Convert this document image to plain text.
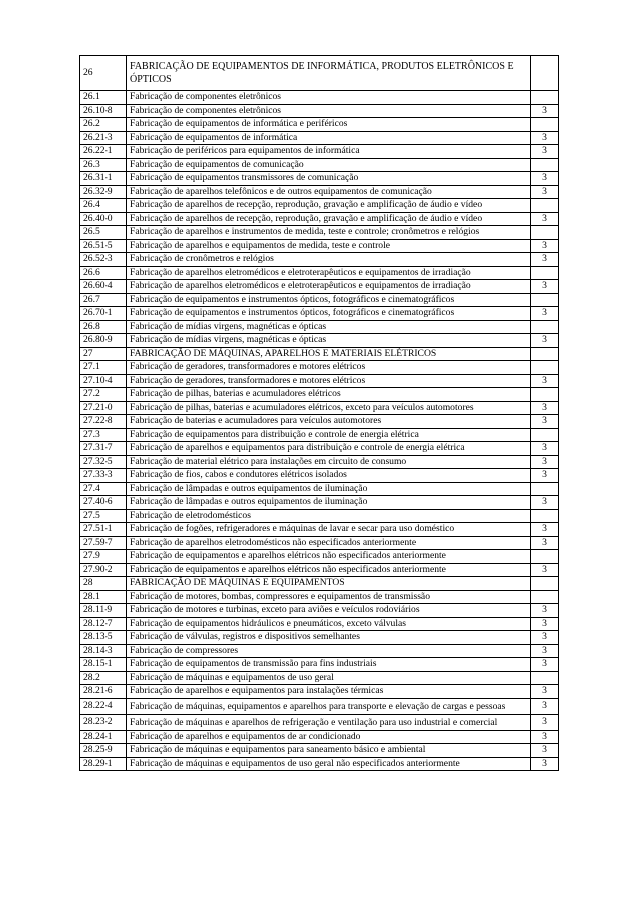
26	FABRICAÇÃO DE EQUIPAMENTOS DE INFORMÁTICA, PRODUTOS ELETRÔNICOS E ÓPTICOS	
26.1	Fabricação de componentes eletrônicos	
26.10-8	Fabricação de componentes eletrônicos	3
26.2	Fabricação de equipamentos de informática e periféricos	
26.21-3	Fabricação de equipamentos de informática	3
26.22-1	Fabricação de periféricos para equipamentos de informática	3
26.3	Fabricação de equipamentos de comunicação	
26.31-1	Fabricação de equipamentos transmissores de comunicação	3
26.32-9	Fabricação de aparelhos telefônicos e de outros equipamentos de comunicação	3
26.4	Fabricação de aparelhos de recepção, reprodução, gravação e amplificação de áudio e vídeo	
26.40-0	Fabricação de aparelhos de recepção, reprodução, gravação e amplificação de áudio e vídeo	3
26.5	Fabricação de aparelhos e instrumentos de medida, teste e controle; cronômetros e relógios	
26.51-5	Fabricação de aparelhos e equipamentos de medida, teste e controle	3
26.52-3	Fabricação de cronômetros e relógios	3
26.6	Fabricação de aparelhos eletromédicos e eletroterapêuticos e equipamentos de irradiação	
26.60-4	Fabricação de aparelhos eletromédicos e eletroterapêuticos e equipamentos de irradiação	3
26.7	Fabricação de equipamentos e instrumentos ópticos, fotográficos e cinematográficos	
26.70-1	Fabricação de equipamentos e instrumentos ópticos, fotográficos e cinematográficos	3
26.8	Fabricação de mídias virgens, magnéticas e ópticas	
26.80-9	Fabricação de mídias virgens, magnéticas e ópticas	3
27	FABRICAÇÃO DE MÁQUINAS, APARELHOS E MATERIAIS ELÉTRICOS	
27.1	Fabricação de geradores, transformadores e motores elétricos	
27.10-4	Fabricação de geradores, transformadores e motores elétricos	3
27.2	Fabricação de pilhas, baterias e acumuladores elétricos	
27.21-0	Fabricação de pilhas, baterias e acumuladores elétricos, exceto para veículos automotores	3
27.22-8	Fabricação de baterias e acumuladores para veículos automotores	3
27.3	Fabricação de equipamentos para distribuição e controle de energia elétrica	
27.31-7	Fabricação de aparelhos e equipamentos para distribuição e controle de energia elétrica	3
27.32-5	Fabricação de material elétrico para instalações em circuito de consumo	3
27.33-3	Fabricação de fios, cabos e condutores elétricos isolados	3
27.4	Fabricação de lâmpadas e outros equipamentos de iluminação	
27.40-6	Fabricação de lâmpadas e outros equipamentos de iluminação	3
27.5	Fabricação de eletrodomésticos	
27.51-1	Fabricação de fogões, refrigeradores e máquinas de lavar e secar para uso doméstico	3
27.59-7	Fabricação de aparelhos eletrodomésticos não especificados anteriormente	3
27.9	Fabricação de equipamentos e aparelhos elétricos não especificados anteriormente	
27.90-2	Fabricação de equipamentos e aparelhos elétricos não especificados anteriormente	3
28	FABRICAÇÃO DE MÁQUINAS E EQUIPAMENTOS	
28.1	Fabricação de motores, bombas, compressores e equipamentos de transmissão	
28.11-9	Fabricação de motores e turbinas, exceto para aviões e veículos rodoviários	3
28.12-7	Fabricação de equipamentos hidráulicos e pneumáticos, exceto válvulas	3
28.13-5	Fabricação de válvulas, registros e dispositivos semelhantes	3
28.14-3	Fabricação de compressores	3
28.15-1	Fabricação de equipamentos de transmissão para fins industriais	3
28.2	Fabricação de máquinas e equipamentos de uso geral	
28.21-6	Fabricação de aparelhos e equipamentos para instalações térmicas	3
28.22-4	Fabricação de máquinas, equipamentos e aparelhos para transporte e elevação de cargas e pessoas	3
28.23-2	Fabricação de máquinas e aparelhos de refrigeração e ventilação para uso industrial e comercial	3
28.24-1	Fabricação de aparelhos e equipamentos de ar condicionado	3
28.25-9	Fabricação de máquinas e equipamentos para saneamento básico e ambiental	3
28.29-1	Fabricação de máquinas e equipamentos de uso geral não especificados anteriormente	3
